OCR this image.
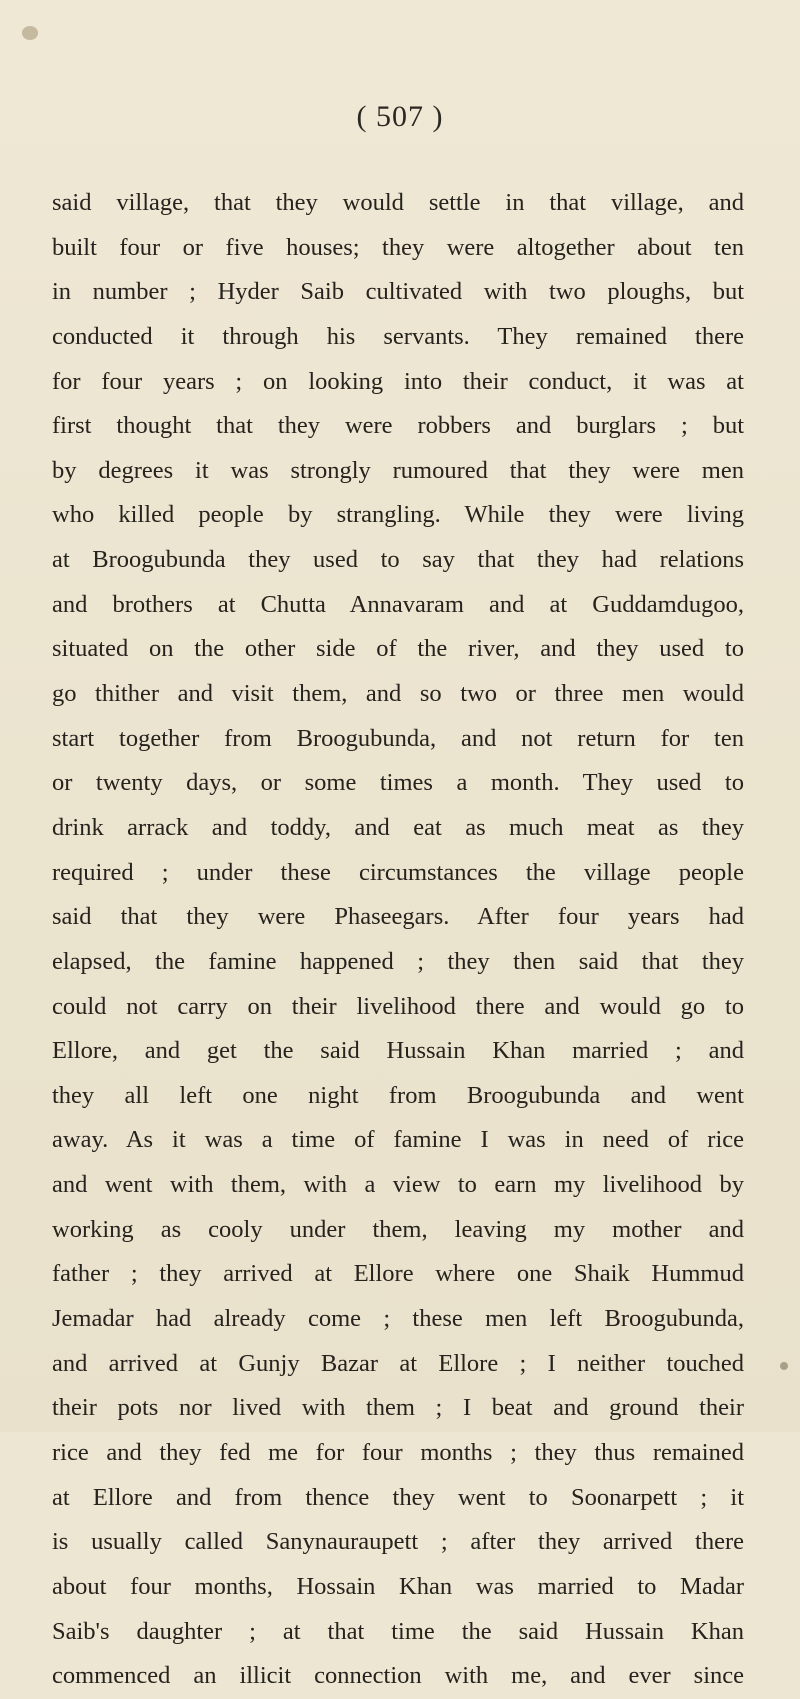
( 507 )
said village, that they would settle in that village, and
built four or five houses; they were altogether about ten
in number ; Hyder Saib cultivated with two ploughs, but
conducted it through his servants. They remained there
for four years ; on looking into their conduct, it was at
first thought that they were robbers and burglars ; but
by degrees it was strongly rumoured that they were men
who killed people by strangling. While they were living
at Broogubunda they used to say that they had relations
and brothers at Chutta Annavaram and at Guddamdugoo,
situated on the other side of the river, and they used to
go thither and visit them, and so two or three men would
start together from Broogubunda, and not return for ten
or twenty days, or some times a month. They used to
drink arrack and toddy, and eat as much meat as they
required ; under these circumstances the village people
said that they were Phaseegars. After four years had
elapsed, the famine happened ; they then said that they
could not carry on their livelihood there and would go to
Ellore, and get the said Hussain Khan married ; and
they all left one night from Broogubunda and went
away. As it was a time of famine I was in need of rice
and went with them, with a view to earn my livelihood by
working as cooly under them, leaving my mother and
father ; they arrived at Ellore where one Shaik Hummud
Jemadar had already come ; these men left Broogubunda,
and arrived at Gunjy Bazar at Ellore ; I neither touched
their pots nor lived with them ; I beat and ground their
rice and they fed me for four months ; they thus remained
at Ellore and from thence they went to Soonarpett ; it
is usually called Sanynauraupett ; after they arrived there
about four months, Hossain Khan was married to Madar
Saib's daughter ; at that time the said Hussain Khan
commenced an illicit connection with me, and ever since
